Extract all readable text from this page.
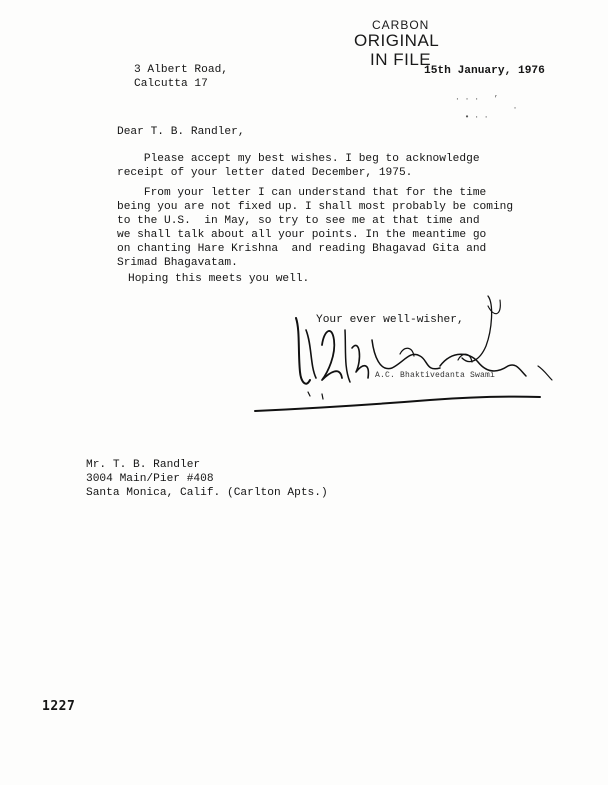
CARBON
ORIGINAL
IN FILE
3 Albert Road,
Calcutta 17
15th January, 1976
· · ·   ’
·
• · ·
Dear T. B. Randler,
Please accept my best wishes. I beg to acknowledge
receipt of your letter dated December, 1975.
From your letter I can understand that for the time
being you are not fixed up. I shall most probably be coming
to the U.S.  in May, so try to see me at that time and
we shall talk about all your points. In the meantime go
on chanting Hare Krishna  and reading Bhagavad Gita and
Srimad Bhagavatam.
Hoping this meets you well.
Your ever well-wisher,
A.C. Bhaktivedanta Swami
Mr. T. B. Randler
3004 Main/Pier #408
Santa Monica, Calif. (Carlton Apts.)
1227
